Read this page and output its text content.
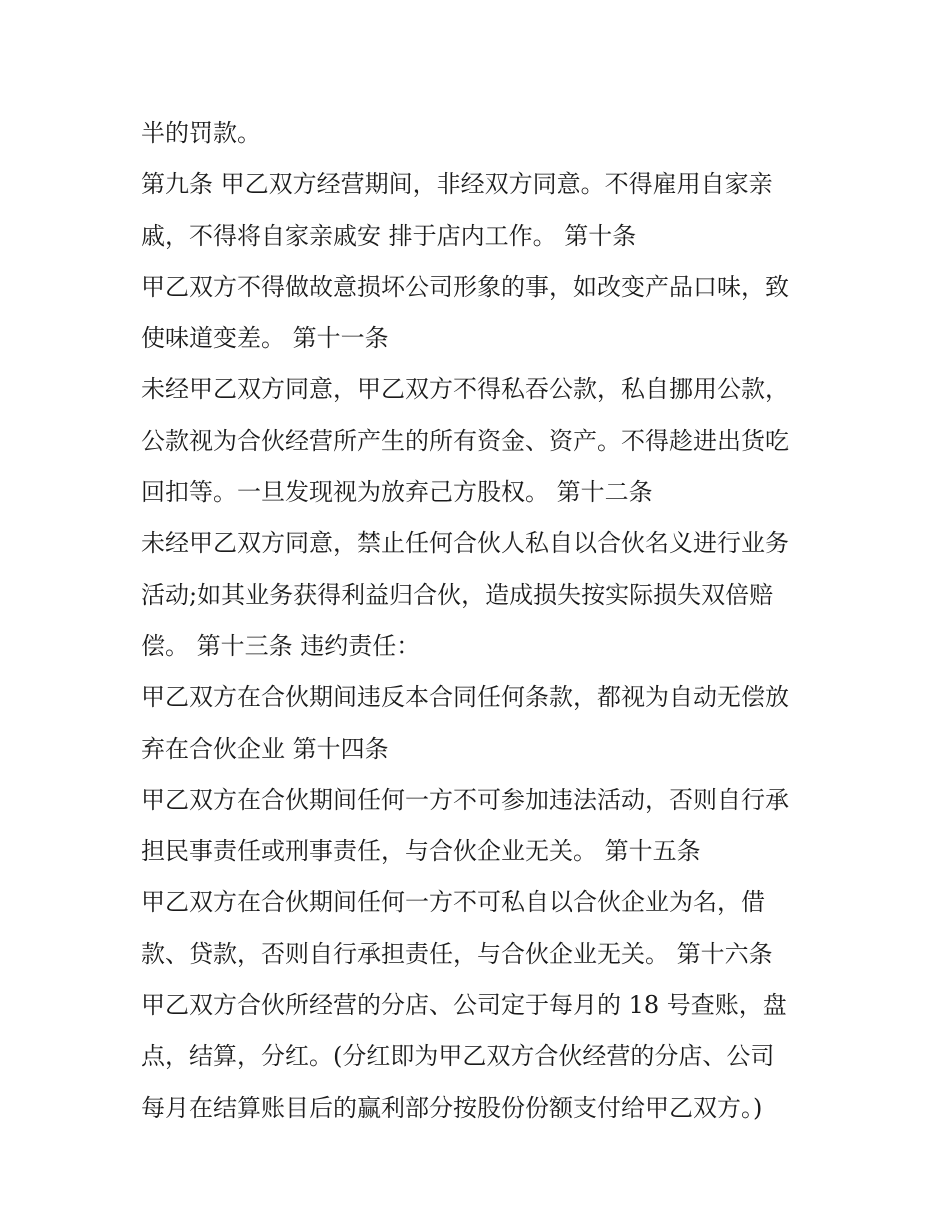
半的罚款。
第九条 甲乙双方经营期间，非经双方同意。不得雇用自家亲
戚，不得将自家亲戚安 排于店内工作。 第十条
甲乙双方不得做故意损坏公司形象的事，如改变产品口味，致
使味道变差。 第十一条
未经甲乙双方同意，甲乙双方不得私吞公款，私自挪用公款，
公款视为合伙经营所产生的所有资金、资产。不得趁进出货吃
回扣等。一旦发现视为放弃己方股权。 第十二条
未经甲乙双方同意，禁止任何合伙人私自以合伙名义进行业务
活动;如其业务获得利益归合伙，造成损失按实际损失双倍赔
偿。 第十三条 违约责任：
甲乙双方在合伙期间违反本合同任何条款，都视为自动无偿放
弃在合伙企业 第十四条
甲乙双方在合伙期间任何一方不可参加违法活动，否则自行承
担民事责任或刑事责任，与合伙企业无关。 第十五条
甲乙双方在合伙期间任何一方不可私自以合伙企业为名，借
款、贷款，否则自行承担责任，与合伙企业无关。 第十六条
甲乙双方合伙所经营的分店、公司定于每月的 18 号查账，盘
点，结算，分红。(分红即为甲乙双方合伙经营的分店、公司
每月在结算账目后的赢利部分按股份份额支付给甲乙双方。)
